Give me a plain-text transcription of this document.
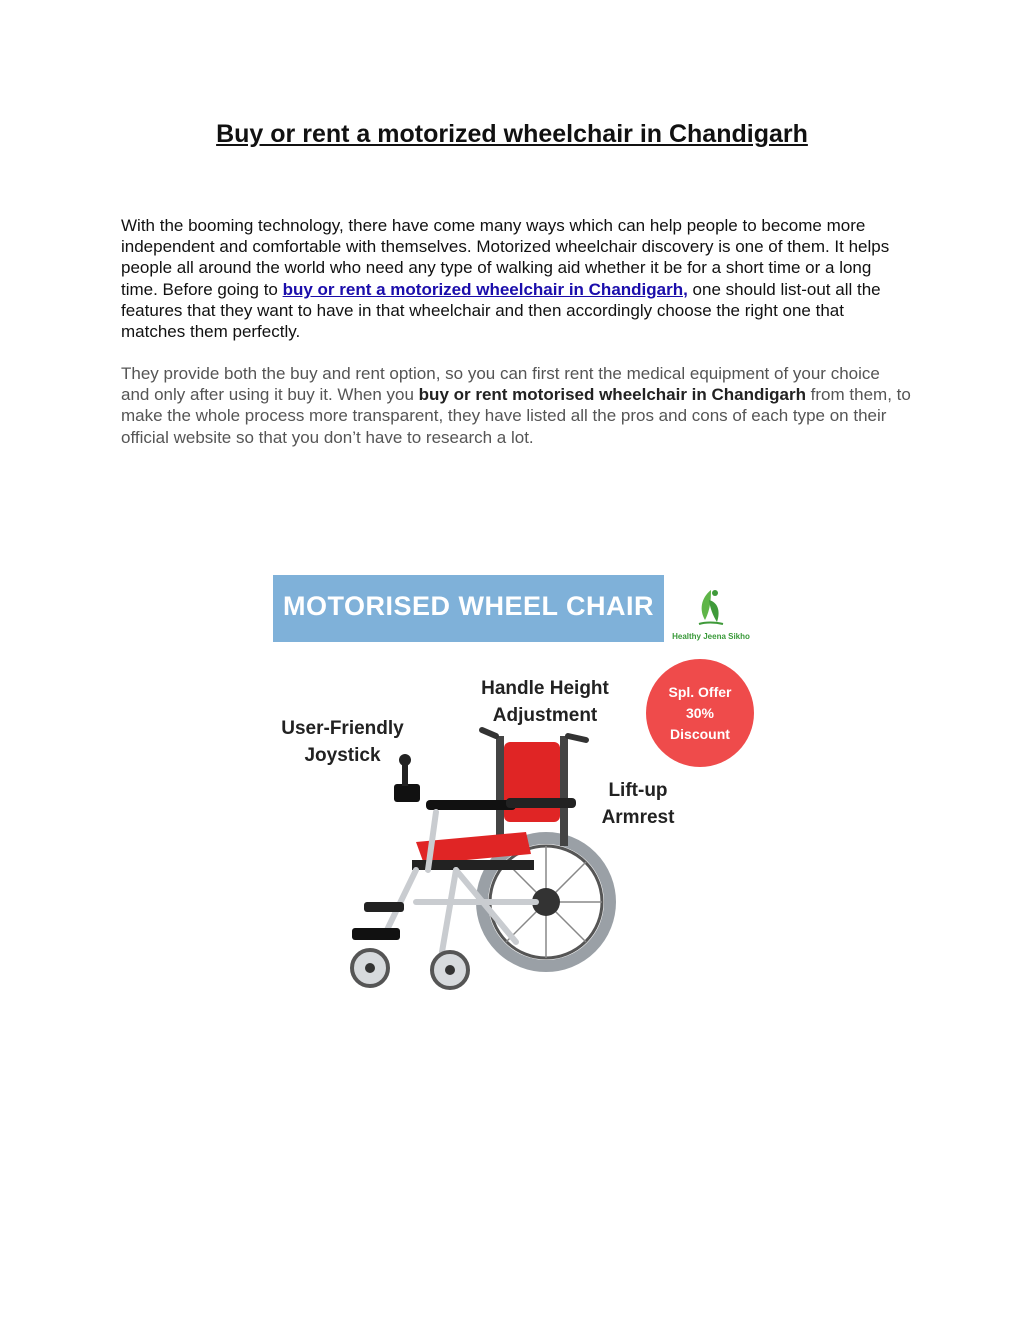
Buy or rent a motorized wheelchair in Chandigarh

With the booming technology, there have come many ways which can help people to become more independent and comfortable with themselves. Motorized wheelchair discovery is one of them. It helps people all around the world who need any type of walking aid whether it be for a short time or a long time. Before going to buy or rent a motorized wheelchair in Chandigarh, one should list-out all the features that they want to have in that wheelchair and then accordingly choose the right one that matches them perfectly.

They provide both the buy and rent option, so you can first rent the medical equipment of your choice and only after using it buy it. When you buy or rent motorised wheelchair in Chandigarh from them, to make the whole process more transparent, they have listed all the pros and cons of each type on their official website so that you don’t have to research a lot.

MOTORISED WHEEL CHAIR
Healthy Jeena Sikho
Handle Height
Adjustment
User-Friendly
Joystick
Lift-up
Armrest
Spl. Offer
30%
Discount
